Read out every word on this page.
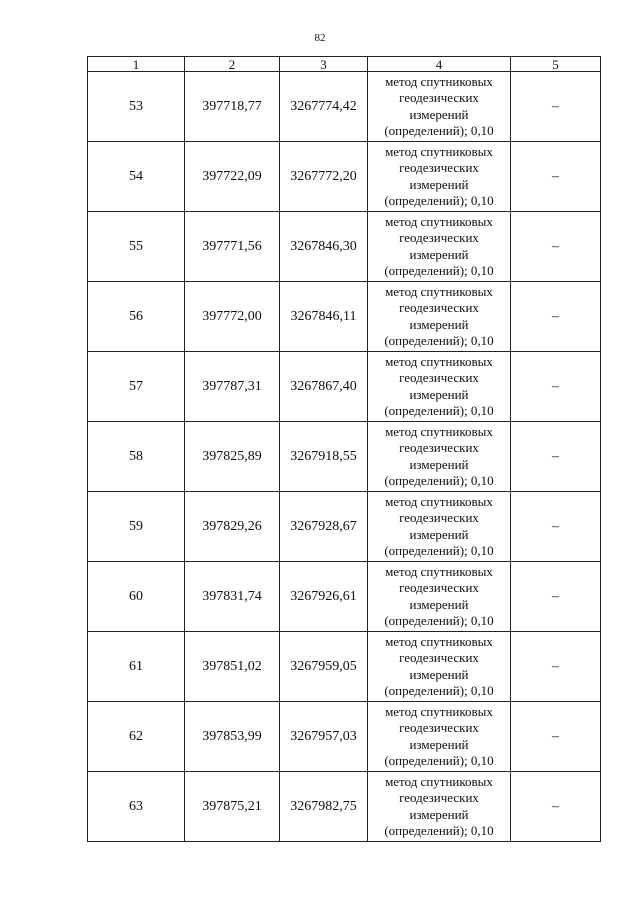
82
1	2	3	4	5
53	397718,77	3267774,42	метод спутниковых геодезических измерений (определений); 0,10	–
54	397722,09	3267772,20	метод спутниковых геодезических измерений (определений); 0,10	–
55	397771,56	3267846,30	метод спутниковых геодезических измерений (определений); 0,10	–
56	397772,00	3267846,11	метод спутниковых геодезических измерений (определений); 0,10	–
57	397787,31	3267867,40	метод спутниковых геодезических измерений (определений); 0,10	–
58	397825,89	3267918,55	метод спутниковых геодезических измерений (определений); 0,10	–
59	397829,26	3267928,67	метод спутниковых геодезических измерений (определений); 0,10	–
60	397831,74	3267926,61	метод спутниковых геодезических измерений (определений); 0,10	–
61	397851,02	3267959,05	метод спутниковых геодезических измерений (определений); 0,10	–
62	397853,99	3267957,03	метод спутниковых геодезических измерений (определений); 0,10	–
63	397875,21	3267982,75	метод спутниковых геодезических измерений (определений); 0,10	–
